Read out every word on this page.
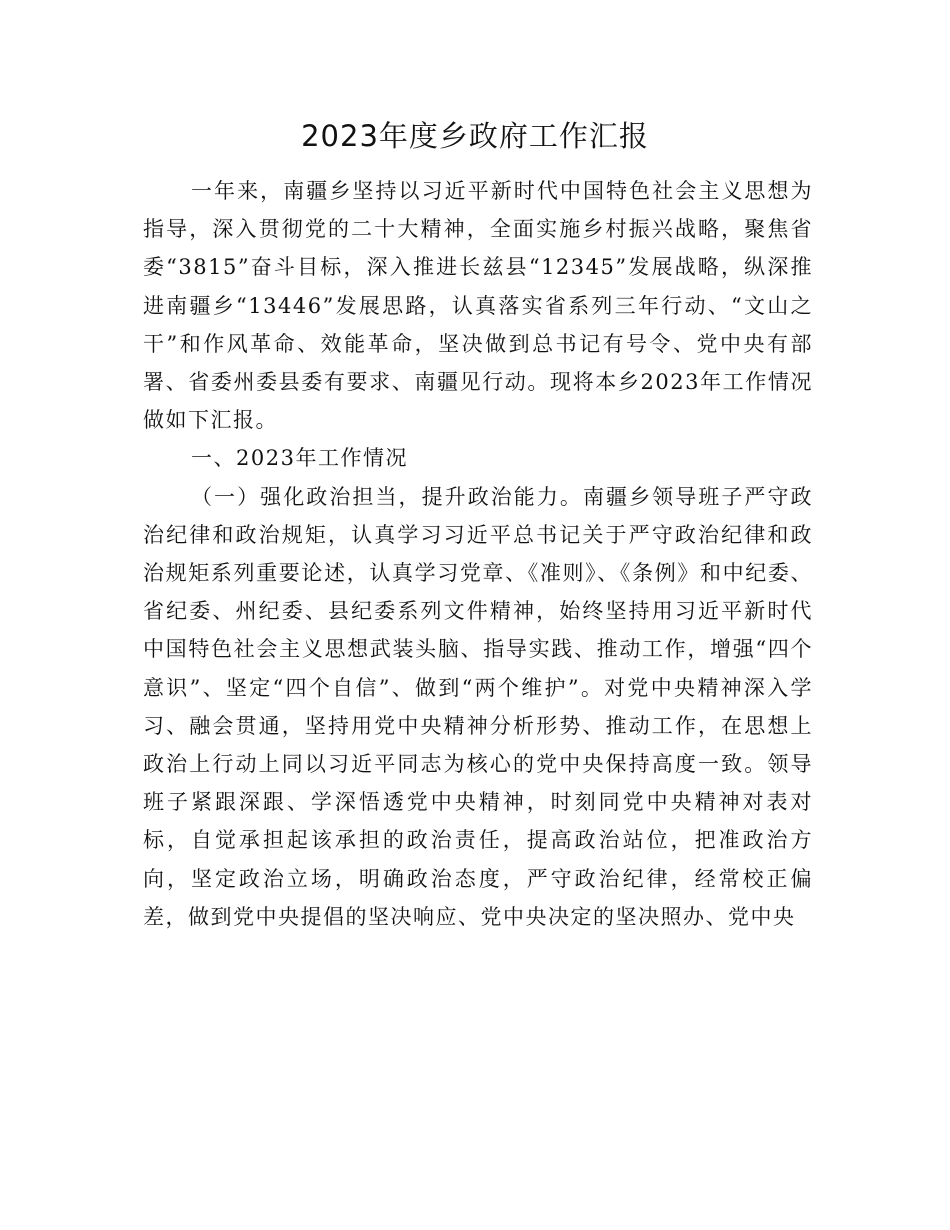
2023年度乡政府工作汇报

一年来，南疆乡坚持以习近平新时代中国特色社会主义思想为指导，深入贯彻党的二十大精神，全面实施乡村振兴战略，聚焦省委“3815”奋斗目标，深入推进长兹县“12345”发展战略，纵深推进南疆乡“13446”发展思路，认真落实省系列三年行动、“文山之干”和作风革命、效能革命，坚决做到总书记有号令、党中央有部署、省委州委县委有要求、南疆见行动。现将本乡2023年工作情况做如下汇报。

一、2023年工作情况

（一）强化政治担当，提升政治能力。南疆乡领导班子严守政治纪律和政治规矩，认真学习习近平总书记关于严守政治纪律和政治规矩系列重要论述，认真学习党章、《准则》、《条例》和中纪委、省纪委、州纪委、县纪委系列文件精神，始终坚持用习近平新时代中国特色社会主义思想武装头脑、指导实践、推动工作，增强“四个意识”、坚定“四个自信”、做到“两个维护”。对党中央精神深入学习、融会贯通，坚持用党中央精神分析形势、推动工作，在思想上政治上行动上同以习近平同志为核心的党中央保持高度一致。领导班子紧跟深跟、学深悟透党中央精神，时刻同党中央精神对表对标，自觉承担起该承担的政治责任，提高政治站位，把准政治方向，坚定政治立场，明确政治态度，严守政治纪律，经常校正偏差，做到党中央提倡的坚决响应、党中央决定的坚决照办、党中央
